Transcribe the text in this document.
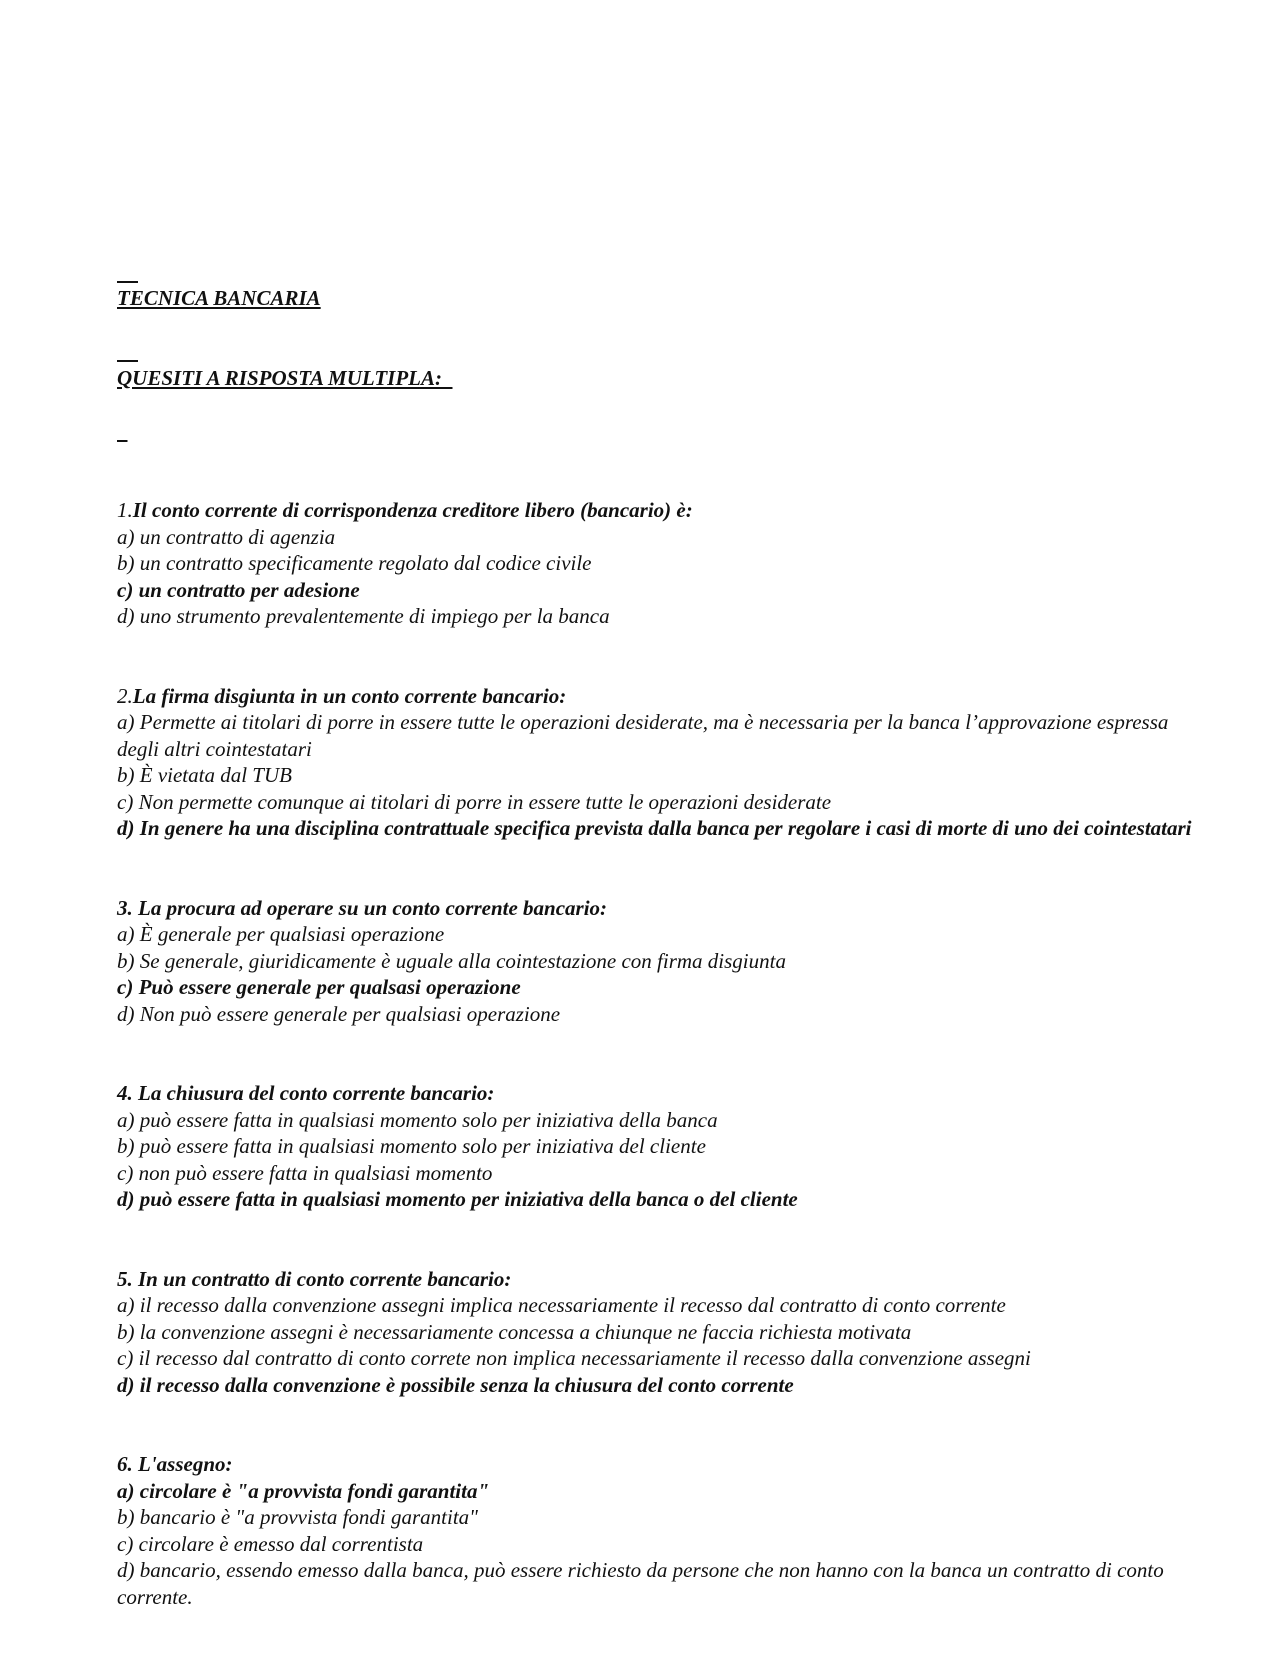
TECNICA BANCARIA

QUESITI A RISPOSTA MULTIPLA:

1.Il conto corrente di corrispondenza creditore libero (bancario) è:
a) un contratto di agenzia
b) un contratto specificamente regolato dal codice civile
c) un contratto per adesione
d) uno strumento prevalentemente di impiego per la banca
2.La firma disgiunta in un conto corrente bancario:
a) Permette ai titolari di porre in essere tutte le operazioni desiderate, ma è necessaria per la banca l’approvazione espressa degli altri cointestatari
b) È vietata dal TUB
c) Non permette comunque ai titolari di porre in essere tutte le operazioni desiderate
d) In genere ha una disciplina contrattuale specifica prevista dalla banca per regolare i casi di morte di uno dei cointestatari
3. La procura ad operare su un conto corrente bancario:
a) È generale per qualsiasi operazione
b) Se generale, giuridicamente è uguale alla cointestazione con firma disgiunta
c) Può essere generale per qualsasi operazione
d) Non può essere generale per qualsiasi operazione
4. La chiusura del conto corrente bancario:
a) può essere fatta in qualsiasi momento solo per iniziativa della banca
b) può essere fatta in qualsiasi momento solo per iniziativa del cliente
c) non può essere fatta in qualsiasi momento
d) può essere fatta in qualsiasi momento per iniziativa della banca o del cliente
5. In un contratto di conto corrente bancario:
a) il recesso dalla convenzione assegni implica necessariamente il recesso dal contratto di conto corrente
b) la convenzione assegni è necessariamente concessa a chiunque ne faccia richiesta motivata
c) il recesso dal contratto di conto correte non implica necessariamente il recesso dalla convenzione assegni
d) il recesso dalla convenzione è possibile senza la chiusura del conto corrente
6. L'assegno:
a) circolare è "a provvista fondi garantita"
b) bancario è "a provvista fondi garantita"
c) circolare è emesso dal correntista
d) bancario, essendo emesso dalla banca, può essere richiesto da persone che non hanno con la banca un contratto di conto corrente.
